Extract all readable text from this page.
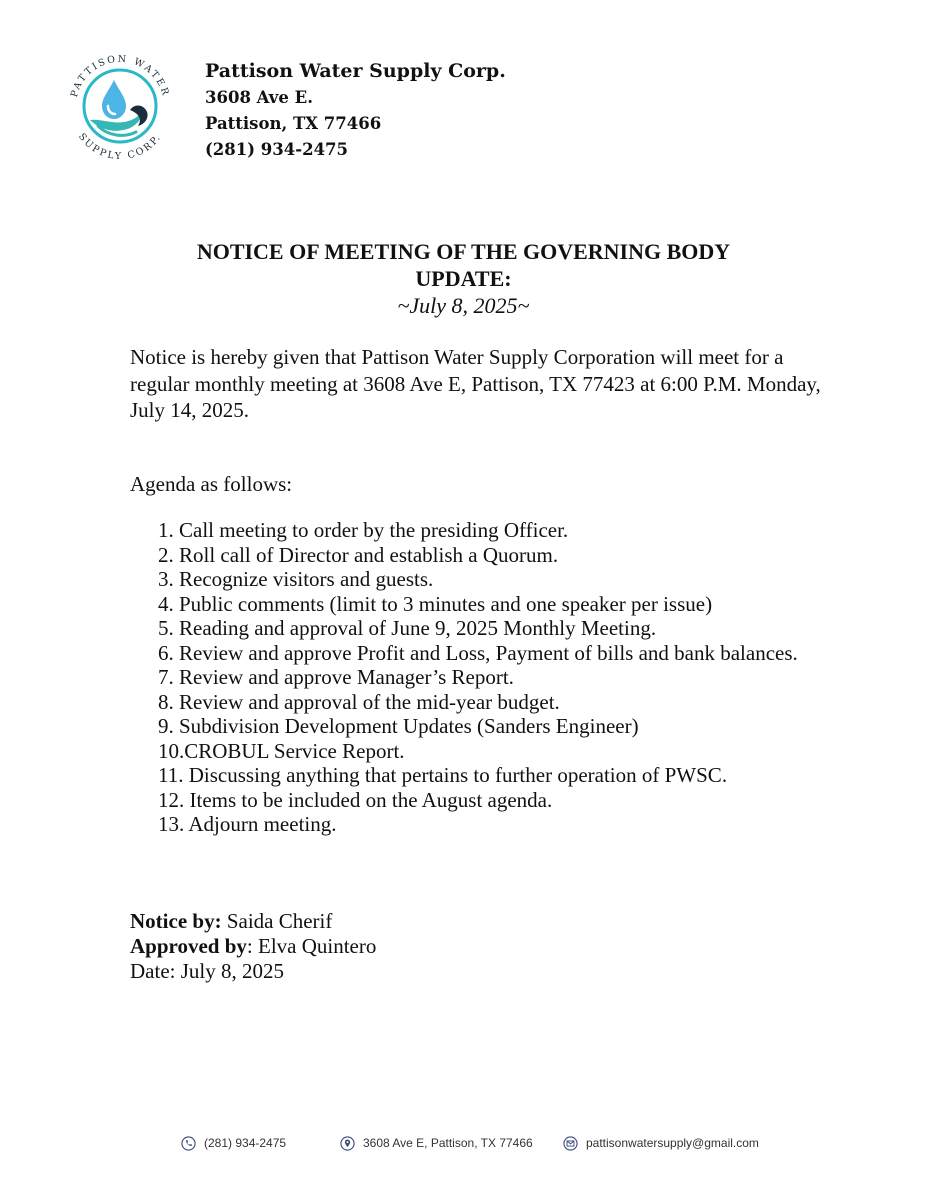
PATTISON WATER
SUPPLY CORP.
Pattison Water Supply Corp.
3608 Ave E.
Pattison, TX 77466
(281) 934-2475
NOTICE OF MEETING OF THE GOVERNING BODY
UPDATE:
~July 8, 2025~
Notice is hereby given that Pattison Water Supply Corporation will meet for a regular monthly meeting at 3608 Ave E, Pattison, TX 77423 at 6:00 P.M. Monday, July 14, 2025.
Agenda as follows:
1. Call meeting to order by the presiding Officer.
2. Roll call of Director and establish a Quorum.
3. Recognize visitors and guests.
4. Public comments (limit to 3 minutes and one speaker per issue)
5. Reading and approval of June 9, 2025 Monthly Meeting.
6. Review and approve Profit and Loss, Payment of bills and bank balances.
7. Review and approve Manager’s Report.
8. Review and approval of the mid-year budget.
9. Subdivision Development Updates (Sanders Engineer)
10.CROBUL Service Report.
11. Discussing anything that pertains to further operation of PWSC.
12. Items to be included on the August agenda.
13. Adjourn meeting.
Notice by: Saida Cherif
Approved by: Elva Quintero
Date: July 8, 2025
(281) 934-2475	3608 Ave E, Pattison, TX 77466	pattisonwatersupply@gmail.com
